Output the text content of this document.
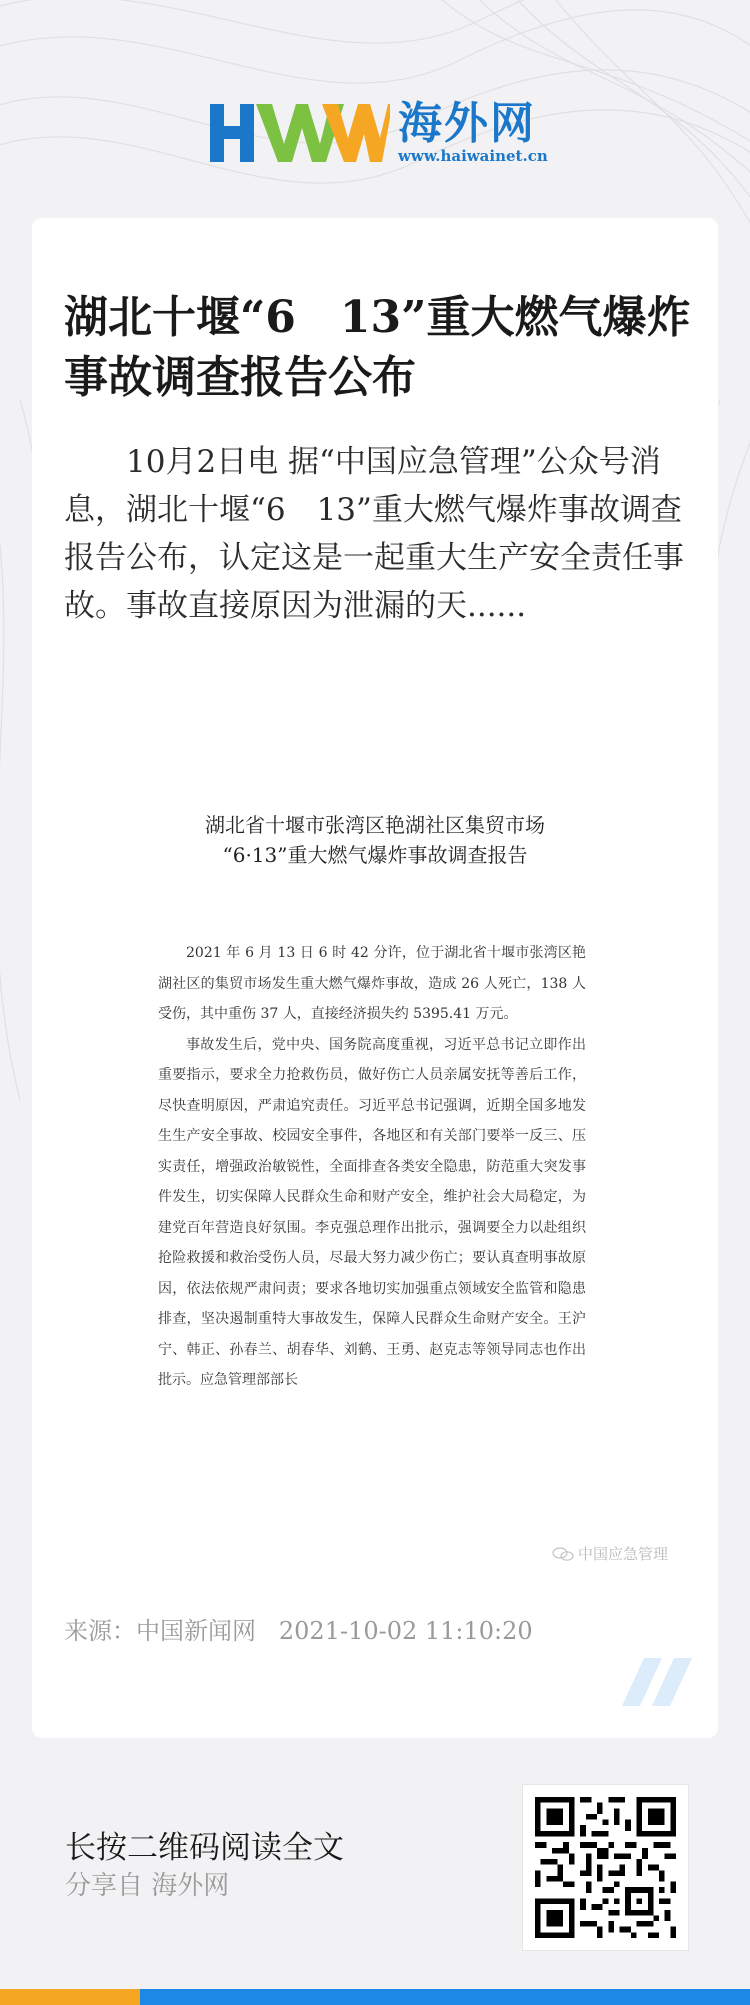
海外网
www.haiwainet.cn
湖北十堰“6　13”重大燃气爆炸事故调查报告公布

10月2日电 据“中国应急管理”公众号消息，湖北十堰“6　13”重大燃气爆炸事故调查报告公布，认定这是一起重大生产安全责任事故。事故直接原因为泄漏的天......

湖北省十堰市张湾区艳湖社区集贸市场
“6·13”重大燃气爆炸事故调查报告

2021 年 6 月 13 日 6 时 42 分许，位于湖北省十堰市张湾区艳湖社区的集贸市场发生重大燃气爆炸事故，造成 26 人死亡，138 人受伤，其中重伤 37 人，直接经济损失约 5395.41 万元。

事故发生后，党中央、国务院高度重视，习近平总书记立即作出重要指示，要求全力抢救伤员，做好伤亡人员亲属安抚等善后工作，尽快查明原因，严肃追究责任。习近平总书记强调，近期全国多地发生生产安全事故、校园安全事件，各地区和有关部门要举一反三、压实责任，增强政治敏锐性，全面排查各类安全隐患，防范重大突发事件发生，切实保障人民群众生命和财产安全，维护社会大局稳定，为建党百年营造良好氛围。李克强总理作出批示，强调要全力以赴组织抢险救援和救治受伤人员，尽最大努力减少伤亡；要认真查明事故原因，依法依规严肃问责；要求各地切实加强重点领域安全监管和隐患排查，坚决遏制重特大事故发生，保障人民群众生命财产安全。王沪宁、韩正、孙春兰、胡春华、刘鹤、王勇、赵克志等领导同志也作出批示。应急管理部部长

中国应急管理
来源：中国新闻网 2021-10-02 11:10:20
长按二维码阅读全文
分享自 海外网
